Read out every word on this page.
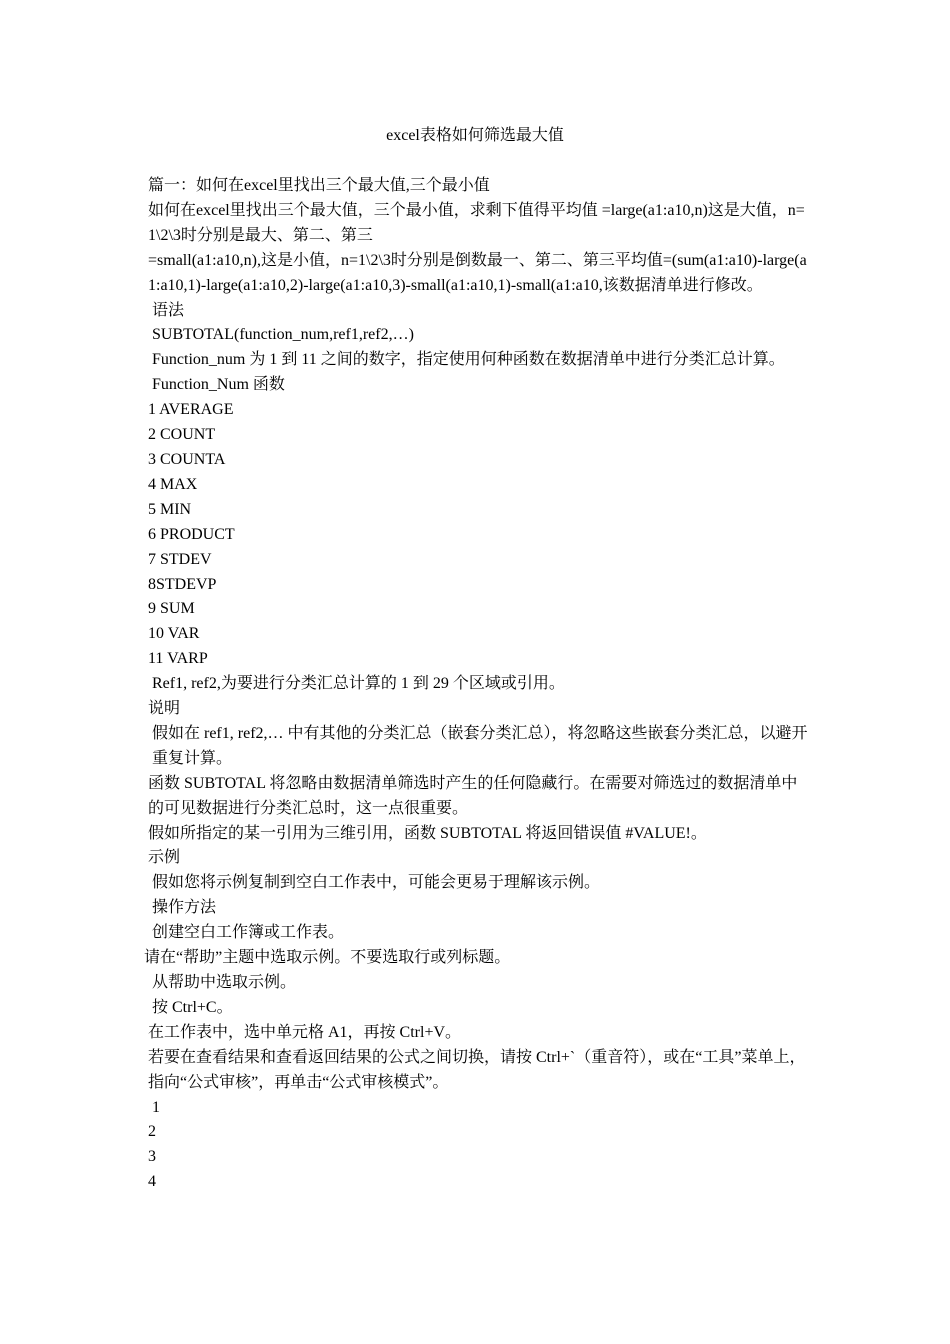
excel表格如何筛选最大值

篇一：如何在excel里找出三个最大值,三个最小值

如何在excel里找出三个最大值，三个最小值，求剩下值得平均值 =large(a1:a10,n)这是大值，n=1\2\3时分别是最大、第二、第三

=small(a1:a10,n),这是小值，n=1\2\3时分别是倒数最一、第二、第三平均值=(sum(a1:a10)-large(a1:a10,1)-large(a1:a10,2)-large(a1:a10,3)-small(a1:a10,1)-small(a1:a10,该数据清单进行修改。

语法

SUBTOTAL(function_num,ref1,ref2,…)

Function_num 为 1 到 11 之间的数字，指定使用何种函数在数据清单中进行分类汇总计算。

Function_Num 函数

1 AVERAGE

2 COUNT

3 COUNTA

4 MAX

5 MIN

6 PRODUCT

7 STDEV

8STDEVP

9 SUM

10 VAR

11 VARP

Ref1, ref2,为要进行分类汇总计算的 1 到 29 个区域或引用。

说明

假如在 ref1, ref2,… 中有其他的分类汇总（嵌套分类汇总），将忽略这些嵌套分类汇总，以避开重复计算。

函数 SUBTOTAL 将忽略由数据清单筛选时产生的任何隐藏行。在需要对筛选过的数据清单中的可见数据进行分类汇总时，这一点很重要。

假如所指定的某一引用为三维引用，函数 SUBTOTAL 将返回错误值 #VALUE!。

示例

假如您将示例复制到空白工作表中，可能会更易于理解该示例。

操作方法

创建空白工作簿或工作表。

请在“帮助”主题中选取示例。不要选取行或列标题。

从帮助中选取示例。

按 Ctrl+C。

在工作表中，选中单元格 A1，再按 Ctrl+V。

若要在查看结果和查看返回结果的公式之间切换，请按 Ctrl+`（重音符），或在“工具”菜单上，指向“公式审核”，再单击“公式审核模式”。

1

2

3

4
